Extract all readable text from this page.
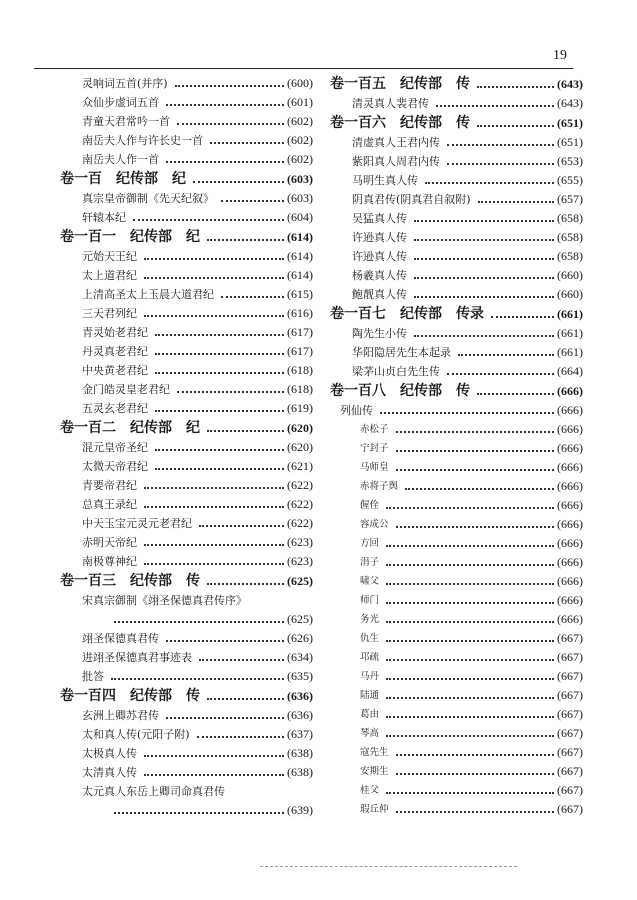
19
灵响词五首(并序)	(600)
众仙步虚词五首	(601)
青童天君常吟一首	(602)
南岳夫人作与许长史一首	(602)
南岳夫人作一首	(602)
卷一百　纪传部　纪	(603)
真宗皇帝御制《先天纪叙》	(603)
轩辕本纪	(604)
卷一百一　纪传部　纪	(614)
元始天王纪	(614)
太上道君纪	(614)
上清高圣太上玉晨大道君纪	(615)
三天君列纪	(616)
青灵始老君纪	(617)
丹灵真老君纪	(617)
中央黄老君纪	(618)
金门皓灵皇老君纪	(618)
五灵玄老君纪	(619)
卷一百二　纪传部　纪	(620)
混元皇帝圣纪	(620)
太微天帝君纪	(621)
青要帝君纪	(622)
总真王录纪	(622)
中天玉宝元灵元老君纪	(622)
赤明天帝纪	(623)
南极尊神纪	(623)
卷一百三　纪传部　传	(625)
宋真宗御制《翊圣保德真君传序》
(625)
翊圣保德真君传	(626)
进翊圣保德真君事迹表	(634)
批答	(635)
卷一百四　纪传部　传	(636)
玄洲上卿苏君传	(636)
太和真人传(元阳子附)	(637)
太极真人传	(638)
太清真人传	(638)
太元真人东岳上卿司命真君传
(639)
卷一百五　纪传部　传	(643)
清灵真人裴君传	(643)
卷一百六　纪传部　传	(651)
清虚真人王君内传	(651)
紫阳真人周君内传	(653)
马明生真人传	(655)
阴真君传(阴真君自叙附)	(657)
吴猛真人传	(658)
许逊真人传	(658)
许逊真人传	(658)
杨羲真人传	(660)
鲍靓真人传	(660)
卷一百七　纪传部　传录	(661)
陶先生小传	(661)
华阳隐居先生本起录	(661)
梁茅山贞白先生传	(664)
卷一百八　纪传部　传	(666)
列仙传	(666)
赤松子	(666)
宁封子	(666)
马师皇	(666)
赤将子舆	(666)
偓佺	(666)
容成公	(666)
方回	(666)
涓子	(666)
啸父	(666)
师门	(666)
务光	(666)
仇生	(667)
邛疏	(667)
马丹	(667)
陆通	(667)
葛由	(667)
琴高	(667)
寇先生	(667)
安期生	(667)
桂父	(667)
瑕丘仲	(667)
